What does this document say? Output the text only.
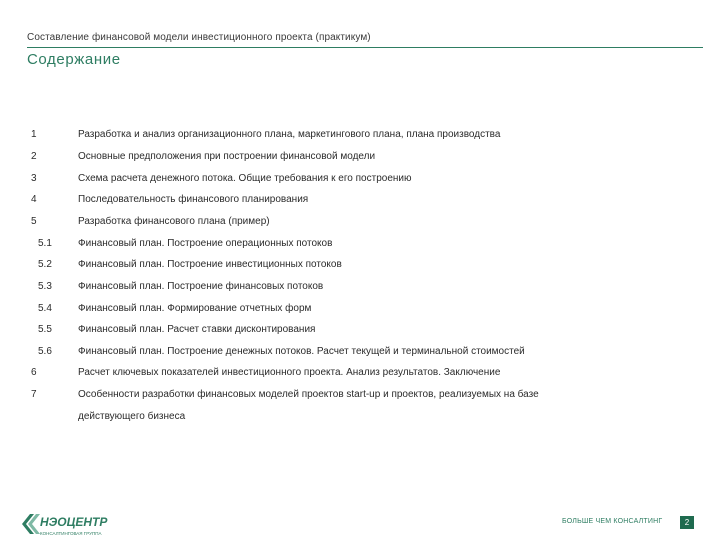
Составление финансовой модели инвестиционного проекта (практикум)
Содержание
1	Разработка и анализ организационного плана, маркетингового плана, плана производства
2	Основные предположения при построении финансовой модели
3	Схема расчета денежного потока. Общие требования к его построению
4	Последовательность финансового планирования
5	Разработка финансового плана (пример)
5.1	Финансовый план. Построение операционных потоков
5.2	Финансовый план. Построение инвестиционных потоков
5.3	Финансовый план. Построение финансовых потоков
5.4	Финансовый план. Формирование отчетных форм
5.5	Финансовый план. Расчет ставки дисконтирования
5.6	Финансовый план. Построение денежных потоков. Расчет текущей и терминальной стоимостей
6	Расчет ключевых показателей инвестиционного проекта. Анализ результатов. Заключение
7	Особенности разработки финансовых моделей проектов start-up и проектов, реализуемых на базе
действующего бизнеса
НЭОЦЕНТР
КОНСАЛТИНГОВАЯ ГРУППА
БОЛЬШЕ ЧЕМ КОНСАЛТИНГ	2
